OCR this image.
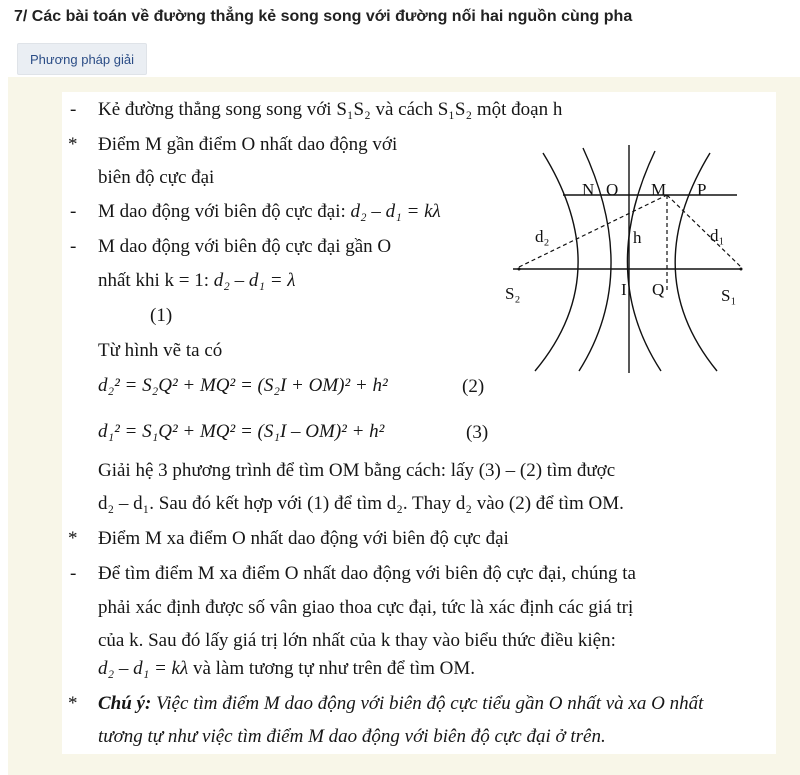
7/ Các bài toán về đường thẳng kẻ song song với đường nối hai nguồn cùng pha
Phương pháp giải
- Kẻ đường thẳng song song với S₁S₂ và cách S₁S₂ một đoạn h
* Điểm M gần điểm O nhất dao động với
biên độ cực đại
- M dao động với biên độ cực đại: d₂ – d₁ = kλ
- M dao động với biên độ cực đại gần O
nhất khi k = 1: d₂ – d₁ = λ
(1)
Từ hình vẽ ta có
d₂² = S₂Q² + MQ² = (S₂I + OM)² + h²	(2)
d₁² = S₁Q² + MQ² = (S₁I – OM)² + h²	(3)
Giải hệ 3 phương trình để tìm OM bằng cách: lấy (3) – (2) tìm được
d₂ – d₁. Sau đó kết hợp với (1) để tìm d₂. Thay d₂ vào (2) để tìm OM.
* Điểm M xa điểm O nhất dao động với biên độ cực đại
- Để tìm điểm M xa điểm O nhất dao động với biên độ cực đại, chúng ta
phải xác định được số vân giao thoa cực đại, tức là xác định các giá trị
của k. Sau đó lấy giá trị lớn nhất của k thay vào biểu thức điều kiện:
d₂ – d₁ = kλ và làm tương tự như trên để tìm OM.
* Chú ý: Việc tìm điểm M dao động với biên độ cực tiểu gần O nhất và xa O nhất
tương tự như việc tìm điểm M dao động với biên độ cực đại ở trên.
N O M P
d₂	h	d₁
S₂	I Q	S₁
